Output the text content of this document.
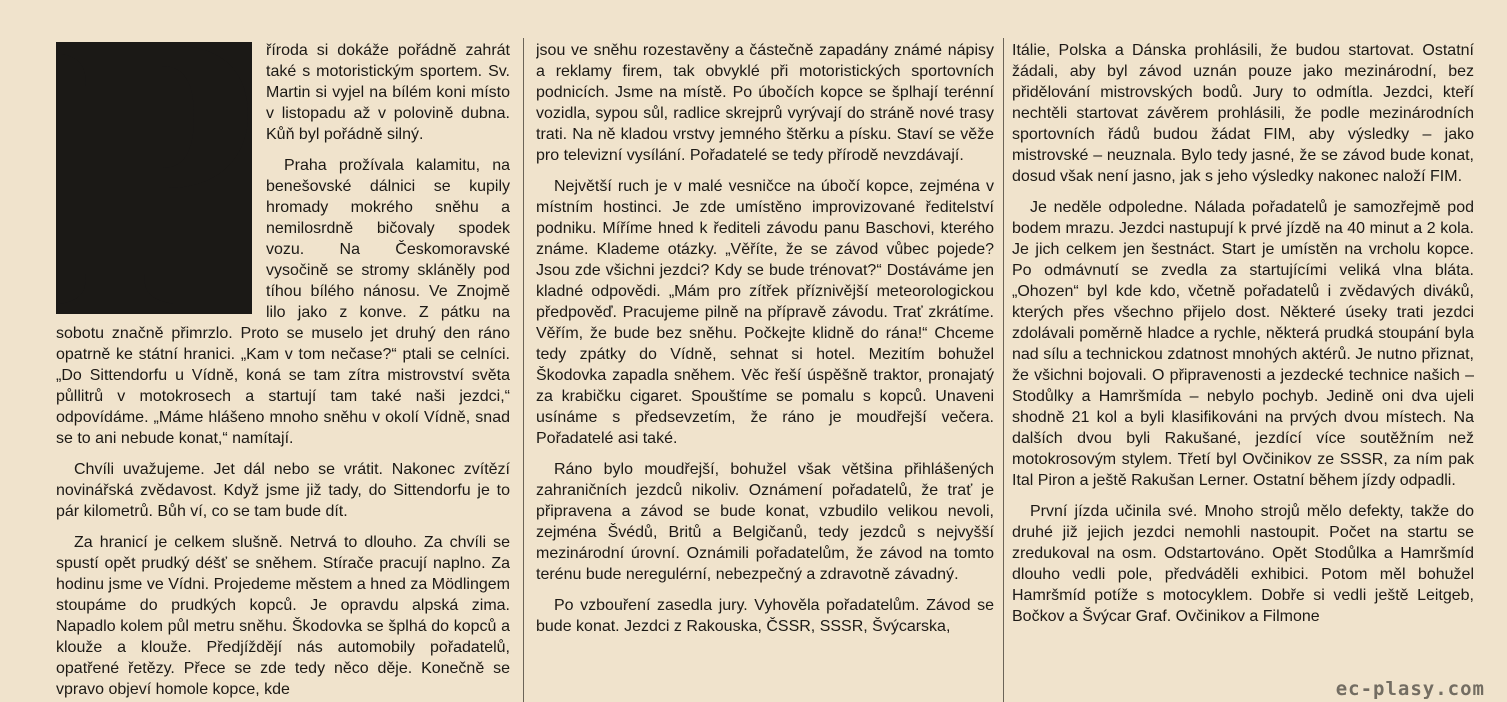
říroda si dokáže pořádně zahrát také s motoristickým sportem. Sv. Martin si vyjel na bílém koni místo v listopadu až v polovině dubna. Kůň byl pořádně silný.

Praha prožívala kalamitu, na benešovské dálnici se kupily hromady mokrého sněhu a nemilosrdně bičovaly spodek vozu. Na Českomoravské vysočině se stromy skláněly pod tíhou bílého nánosu. Ve Znojmě lilo jako z konve. Z pátku na sobotu značně přimrzlo. Proto se muselo jet druhý den ráno opatrně ke státní hranici. „Kam v tom nečase?“ ptali se celníci. „Do Sittendorfu u Vídně, koná se tam zítra mistrovství světa půllitrů v motokrosech a startují tam také naši jezdci,“ odpovídáme. „Máme hlášeno mnoho sněhu v okolí Vídně, snad se to ani nebude konat,“ namítají.

Chvíli uvažujeme. Jet dál nebo se vrátit. Nakonec zvítězí novinářská zvědavost. Když jsme již tady, do Sittendorfu je to pár kilometrů. Bůh ví, co se tam bude dít.

Za hranicí je celkem slušně. Netrvá to dlouho. Za chvíli se spustí opět prudký déšť se sněhem. Stírače pracují naplno. Za hodinu jsme ve Vídni. Projedeme městem a hned za Mödlingem stoupáme do prudkých kopců. Je opravdu alpská zima. Napadlo kolem půl metru sněhu. Škodovka se šplhá do kopců a klouže a klouže. Předjíždějí nás automobily pořadatelů, opatřené řetězy. Přece se zde tedy něco děje. Konečně se vpravo objeví homole kopce, kde

jsou ve sněhu rozestavěny a částečně zapadány známé nápisy a reklamy firem, tak obvyklé při motoristických sportovních podnicích. Jsme na místě. Po úbočích kopce se šplhají terénní vozidla, sypou sůl, radlice skrejprů vyrývají do stráně nové trasy trati. Na ně kladou vrstvy jemného štěrku a písku. Staví se věže pro televizní vysílání. Pořadatelé se tedy přírodě nevzdávají.

Největší ruch je v malé vesničce na úbočí kopce, zejména v místním hostinci. Je zde umístěno improvizované ředitelství podniku. Míříme hned k řediteli závodu panu Baschovi, kterého známe. Klademe otázky. „Věříte, že se závod vůbec pojede? Jsou zde všichni jezdci? Kdy se bude trénovat?“ Dostáváme jen kladné odpovědi. „Mám pro zítřek příznivější meteorologickou předpověď. Pracujeme pilně na přípravě závodu. Trať zkrátíme. Věřím, že bude bez sněhu. Počkejte klidně do rána!“ Chceme tedy zpátky do Vídně, sehnat si hotel. Mezitím bohužel Škodovka zapadla sněhem. Věc řeší úspěšně traktor, pronajatý za krabičku cigaret. Spouštíme se pomalu s kopců. Unaveni usínáme s předsevzetím, že ráno je moudřejší večera. Pořadatelé asi také.

Ráno bylo moudřejší, bohužel však většina přihlášených zahraničních jezdců nikoliv. Oznámení pořadatelů, že trať je připravena a závod se bude konat, vzbudilo velikou nevoli, zejména Švédů, Britů a Belgičanů, tedy jezdců s nejvyšší mezinárodní úrovní. Oznámili pořadatelům, že závod na tomto terénu bude neregulérní, nebezpečný a zdravotně závadný.

Po vzbouření zasedla jury. Vyhověla pořadatelům. Závod se bude konat. Jezdci z Rakouska, ČSSR, SSSR, Švýcarska,

Itálie, Polska a Dánska prohlásili, že budou startovat. Ostatní žádali, aby byl závod uznán pouze jako mezinárodní, bez přidělování mistrovských bodů. Jury to odmítla. Jezdci, kteří nechtěli startovat závěrem prohlásili, že podle mezinárodních sportovních řádů budou žádat FIM, aby výsledky – jako mistrovské – neuznala. Bylo tedy jasné, že se závod bude konat, dosud však není jasno, jak s jeho výsledky nakonec naloží FIM.

Je neděle odpoledne. Nálada pořadatelů je samozřejmě pod bodem mrazu. Jezdci nastupují k prvé jízdě na 40 minut a 2 kola. Je jich celkem jen šestnáct. Start je umístěn na vrcholu kopce. Po odmávnutí se zvedla za startujícími veliká vlna bláta. „Ohozen“ byl kde kdo, včetně pořadatelů i zvědavých diváků, kterých přes všechno přijelo dost. Některé úseky trati jezdci zdolávali poměrně hladce a rychle, některá prudká stoupání byla nad sílu a technickou zdatnost mnohých aktérů. Je nutno přiznat, že všichni bojovali. O připravenosti a jezdecké technice našich – Stodůlky a Hamršmída – nebylo pochyb. Jedině oni dva ujeli shodně 21 kol a byli klasifikováni na prvých dvou místech. Na dalších dvou byli Rakušané, jezdící více soutěžním než motokrosovým stylem. Třetí byl Ovčinikov ze SSSR, za ním pak Ital Piron a ještě Rakušan Lerner. Ostatní během jízdy odpadli.

První jízda učinila své. Mnoho strojů mělo defekty, takže do druhé již jejich jezdci nemohli nastoupit. Počet na startu se zredukoval na osm. Odstartováno. Opět Stodůlka a Hamršmíd dlouho vedli pole, předváděli exhibici. Potom měl bohužel Hamršmíd potíže s motocyklem. Dobře si vedli ještě Leitgeb, Bočkov a Švýcar Graf. Ovčinikov a Filmone

ec-plasy.com
